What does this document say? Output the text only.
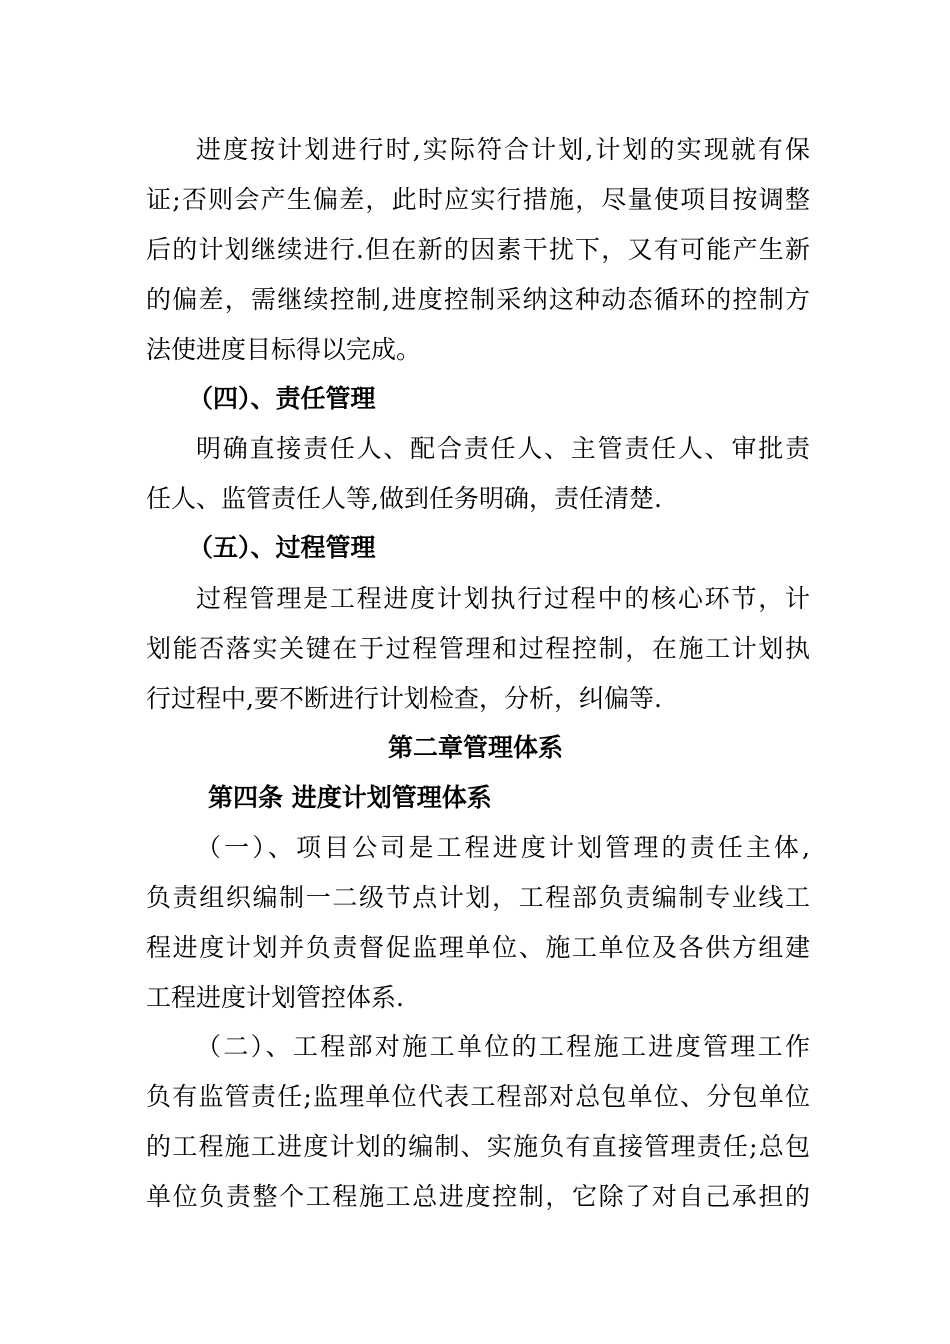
进度按计划进行时,实际符合计划,计划的实现就有保
证;否则会产生偏差，此时应实行措施，尽量使项目按调整
后的计划继续进行.但在新的因素干扰下，又有可能产生新
的偏差，需继续控制,进度控制采纳这种动态循环的控制方
法使进度目标得以完成。
（四）、责任管理
明确直接责任人、配合责任人、主管责任人、审批责
任人、监管责任人等,做到任务明确，责任清楚.
（五）、过程管理
过程管理是工程进度计划执行过程中的核心环节，计
划能否落实关键在于过程管理和过程控制，在施工计划执
行过程中,要不断进行计划检查，分析，纠偏等.
第二章管理体系
第四条 进度计划管理体系
（一）、项目公司是工程进度计划管理的责任主体,
负责组织编制一二级节点计划，工程部负责编制专业线工
程进度计划并负责督促监理单位、施工单位及各供方组建
工程进度计划管控体系.
（二）、工程部对施工单位的工程施工进度管理工作
负有监管责任;监理单位代表工程部对总包单位、分包单位
的工程施工进度计划的编制、实施负有直接管理责任;总包
单位负责整个工程施工总进度控制，它除了对自己承担的
